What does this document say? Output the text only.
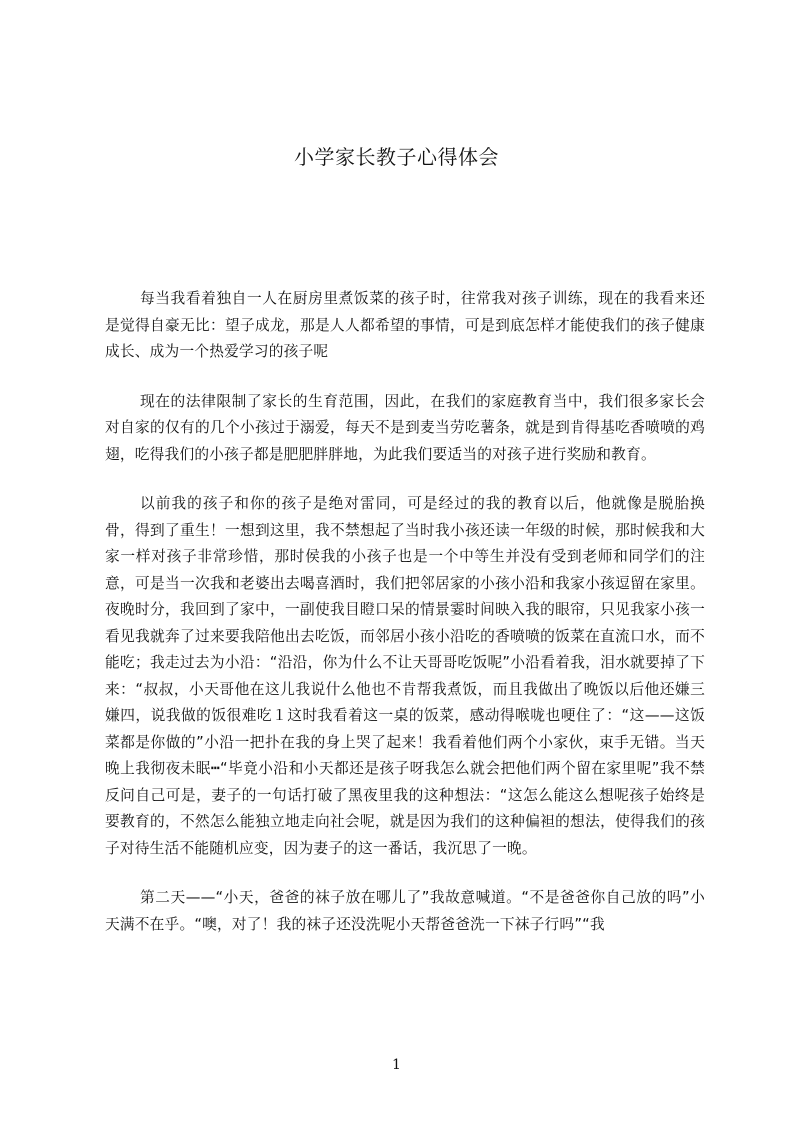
小学家长教子心得体会

每当我看着独自一人在厨房里煮饭菜的孩子时，往常我对孩子训练，现在的我看来还是觉得自豪无比：望子成龙，那是人人都希望的事情，可是到底怎样才能使我们的孩子健康成长、成为一个热爱学习的孩子呢

现在的法律限制了家长的生育范围，因此，在我们的家庭教育当中，我们很多家长会对自家的仅有的几个小孩过于溺爱，每天不是到麦当劳吃薯条，就是到肯得基吃香喷喷的鸡翅，吃得我们的小孩子都是肥肥胖胖地，为此我们要适当的对孩子进行奖励和教育。

以前我的孩子和你的孩子是绝对雷同，可是经过的我的教育以后，他就像是脱胎换骨，得到了重生！一想到这里，我不禁想起了当时我小孩还读一年级的时候，那时候我和大家一样对孩子非常珍惜，那时侯我的小孩子也是一个中等生并没有受到老师和同学们的注意，可是当一次我和老婆出去喝喜酒时，我们把邻居家的小孩小沿和我家小孩逗留在家里。夜晚时分，我回到了家中，一副使我目瞪口呆的情景霎时间映入我的眼帘，只见我家小孩一看见我就奔了过来要我陪他出去吃饭，而邻居小孩小沿吃的香喷喷的饭菜在直流口水，而不能吃；我走过去为小沿：“沿沿，你为什么不让天哥哥吃饭呢”小沿看着我，泪水就要掉了下来：“叔叔，小天哥他在这儿我说什么他也不肯帮我煮饭，而且我做出了晚饭以后他还嫌三嫌四，说我做的饭很难吃１这时我看着这一桌的饭菜，感动得喉咙也哽住了：“这——这饭菜都是你做的”小沿一把扑在我的身上哭了起来！我看着他们两个小家伙，束手无错。当天晚上我彻夜未眠┅“毕竟小沿和小天都还是孩子呀我怎么就会把他们两个留在家里呢”我不禁反问自己可是，妻子的一句话打破了黑夜里我的这种想法：“这怎么能这么想呢孩子始终是要教育的，不然怎么能独立地走向社会呢，就是因为我们的这种偏袒的想法，使得我们的孩子对待生活不能随机应变，因为妻子的这一番话，我沉思了一晚。

第二天——“小天，爸爸的袜子放在哪儿了”我故意喊道。“不是爸爸你自己放的吗”小天满不在乎。“噢，对了！我的袜子还没洗呢小天帮爸爸洗一下袜子行吗”“我

1
